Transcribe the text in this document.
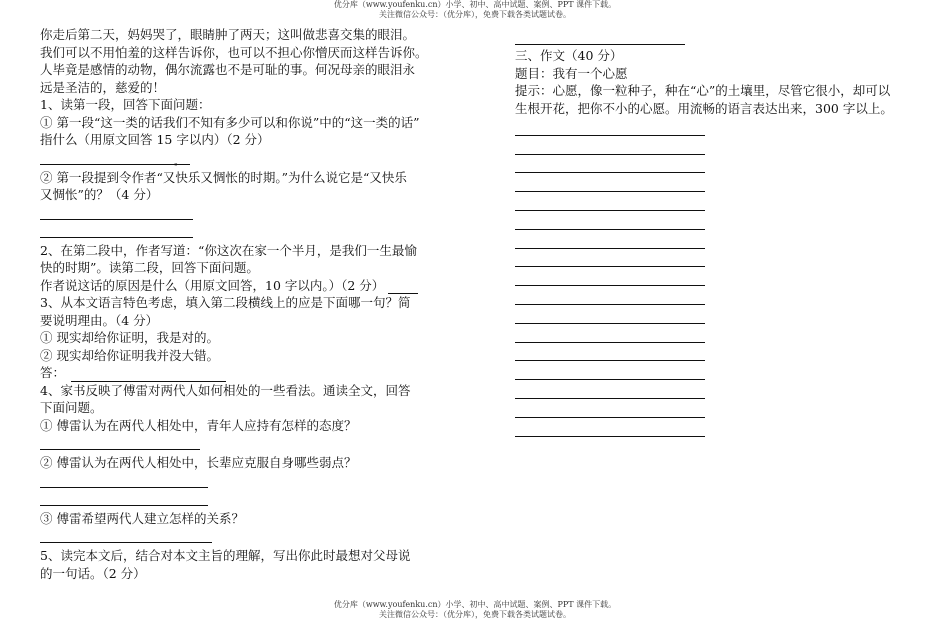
优分库（www.youfenku.cn）小学、初中、高中试题、案例、PPT 课件下载。
关注微信公众号：（优分库），免费下载各类试题试卷。

你走后第二天，妈妈哭了，眼睛肿了两天；这叫做悲喜交集的眼泪。

我们可以不用怕羞的这样告诉你，也可以不担心你憎厌而这样告诉你。

人毕竟是感情的动物，偶尔流露也不是可耻的事。何况母亲的眼泪永

远是圣洁的，慈爱的！

1、读第一段，回答下面问题：

① 第一段“这一类的话我们不知有多少可以和你说”中的“这一类的话”

指什么（用原文回答 15 字以内）（2 分）

。

② 第一段提到令作者“又快乐又惆怅的时期。”为什么说它是“又快乐

又惆怅”的？（4 分）

2、在第二段中，作者写道：“你这次在家一个半月，是我们一生最愉

快的时期”。读第二段，回答下面问题。

作者说这话的原因是什么（用原文回答，10 字以内。）（2 分）

3、从本文语言特色考虑，填入第二段横线上的应是下面哪一句？简

要说明理由。（4 分）

① 现实却给你证明，我是对的。

② 现实却给你证明我并没大错。

答：

4、家书反映了傅雷对两代人如何相处的一些看法。通读全文，回答

下面问题。

① 傅雷认为在两代人相处中，青年人应持有怎样的态度？

② 傅雷认为在两代人相处中，长辈应克服自身哪些弱点？

③ 傅雷希望两代人建立怎样的关系？

5、读完本文后，结合对本文主旨的理解，写出你此时最想对父母说

的一句话。（2 分）

三、作文（40 分）

题目：我有一个心愿

提示：心愿，像一粒种子，种在“心”的土壤里，尽管它很小，却可以

生根开花，把你不小的心愿。用流畅的语言表达出来，300 字以上。

优分库（www.youfenku.cn）小学、初中、高中试题、案例、PPT 课件下载。
关注微信公众号：（优分库），免费下载各类试题试卷。
